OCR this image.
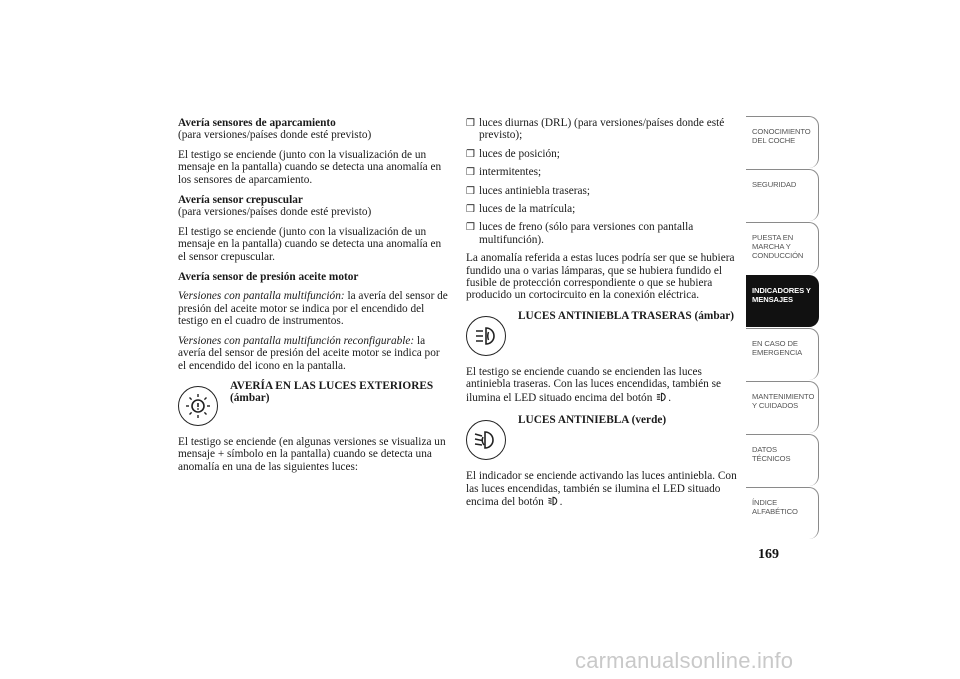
Avería sensores de aparcamiento
(para versiones/países donde esté previsto)

El testigo se enciende (junto con la visualización de un mensaje en la pantalla) cuando se detecta una anomalía en los sensores de aparcamiento.

Avería sensor crepuscular
(para versiones/países donde esté previsto)

El testigo se enciende (junto con la visualización de un mensaje en la pantalla) cuando se detecta una anomalía en el sensor crepuscular.

Avería sensor de presión aceite motor

Versiones con pantalla multifunción: la avería del sensor de presión del aceite motor se indica por el encendido del testigo en el cuadro de instrumentos.

Versiones con pantalla multifunción reconfigurable: la avería del sensor de presión del aceite motor se indica por el encendido del icono en la pantalla.

AVERÍA EN LAS LUCES EXTERIORES (ámbar)

El testigo se enciende (en algunas versiones se visualiza un mensaje + símbolo en la pantalla) cuando se detecta una anomalía en una de las siguientes luces:

❒ luces diurnas (DRL) (para versiones/países donde esté previsto);
❒ luces de posición;
❒ intermitentes;
❒ luces antiniebla traseras;
❒ luces de la matrícula;
❒ luces de freno (sólo para versiones con pantalla multifunción).

La anomalía referida a estas luces podría ser que se hubiera fundido una o varias lámparas, que se hubiera fundido el fusible de protección correspondiente o que se hubiera producido un cortocircuito en la conexión eléctrica.

LUCES ANTINIEBLA TRASERAS (ámbar)

El testigo se enciende cuando se encienden las luces antiniebla traseras. Con las luces encendidas, también se ilumina el LED situado encima del botón .

LUCES ANTINIEBLA (verde)

El indicador se enciende activando las luces antiniebla. Con las luces encendidas, también se ilumina el LED situado encima del botón .

CONOCIMIENTO DEL COCHE
SEGURIDAD
PUESTA EN MARCHA Y CONDUCCIÓN
INDICADORES Y MENSAJES
EN CASO DE EMERGENCIA
MANTENIMIENTO Y CUIDADOS
DATOS TÉCNICOS
ÍNDICE ALFABÉTICO
169
carmanualsonline.info
